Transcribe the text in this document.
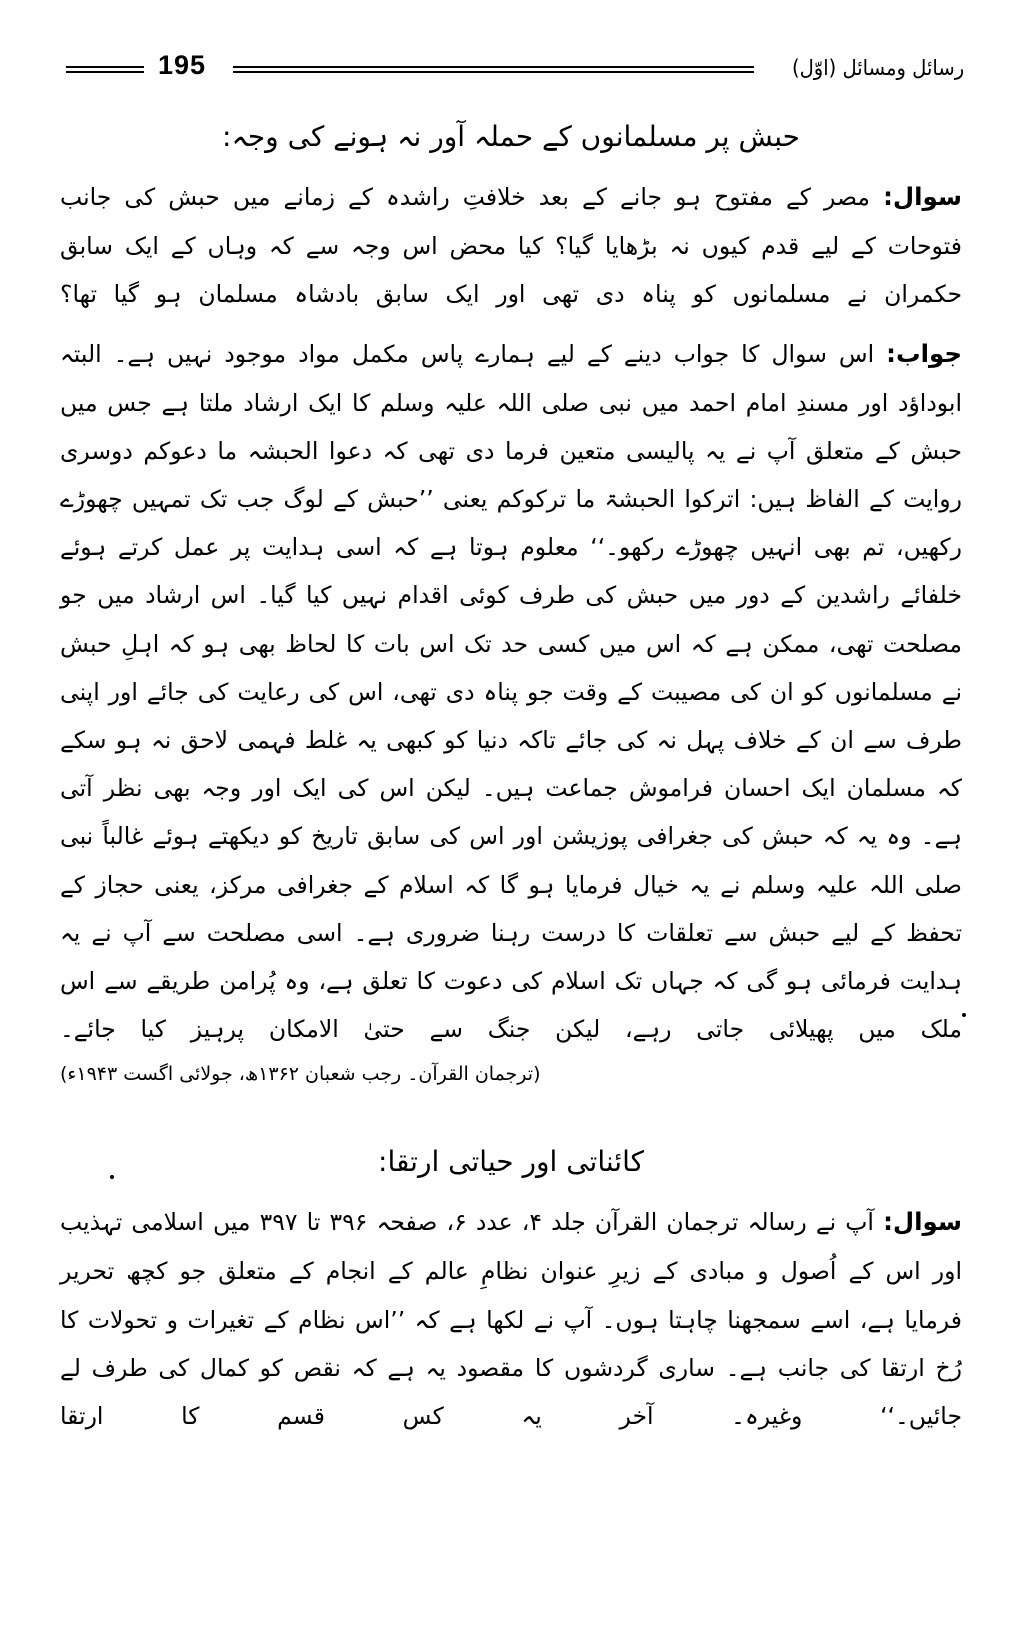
رسائل ومسائل (اوّل)
195
حبش پر مسلمانوں کے حملہ آور نہ ہونے کی وجہ:

سوال: مصر کے مفتوح ہو جانے کے بعد خلافتِ راشدہ کے زمانے میں حبش کی جانب فتوحات کے لیے قدم کیوں نہ بڑھایا گیا؟ کیا محض اس وجہ سے کہ وہاں کے ایک سابق حکمران نے مسلمانوں کو پناہ دی تھی اور ایک سابق بادشاہ مسلمان ہو گیا تھا؟

جواب: اس سوال کا جواب دینے کے لیے ہمارے پاس مکمل مواد موجود نہیں ہے۔ البتہ ابوداؤد اور مسندِ امام احمد میں نبی صلی اللہ علیہ وسلم کا ایک ارشاد ملتا ہے جس میں حبش کے متعلق آپ نے یہ پالیسی متعین فرما دی تھی کہ دعوا الحبشہ ما دعوکم دوسری روایت کے الفاظ ہیں: اترکوا الحبشۃ ما ترکوکم یعنی ’’حبش کے لوگ جب تک تمہیں چھوڑے رکھیں، تم بھی انہیں چھوڑے رکھو۔‘‘ معلوم ہوتا ہے کہ اسی ہدایت پر عمل کرتے ہوئے خلفائے راشدین کے دور میں حبش کی طرف کوئی اقدام نہیں کیا گیا۔ اس ارشاد میں جو مصلحت تھی، ممکن ہے کہ اس میں کسی حد تک اس بات کا لحاظ بھی ہو کہ اہلِ حبش نے مسلمانوں کو ان کی مصیبت کے وقت جو پناہ دی تھی، اس کی رعایت کی جائے اور اپنی طرف سے ان کے خلاف پہل نہ کی جائے تاکہ دنیا کو کبھی یہ غلط فہمی لاحق نہ ہو سکے کہ مسلمان ایک احسان فراموش جماعت ہیں۔ لیکن اس کی ایک اور وجہ بھی نظر آتی ہے۔ وہ یہ کہ حبش کی جغرافی پوزیشن اور اس کی سابق تاریخ کو دیکھتے ہوئے غالباً نبی صلی اللہ علیہ وسلم نے یہ خیال فرمایا ہو گا کہ اسلام کے جغرافی مرکز، یعنی حجاز کے تحفظ کے لیے حبش سے تعلقات کا درست رہنا ضروری ہے۔ اسی مصلحت سے آپ نے یہ ہدایت فرمائی ہو گی کہ جہاں تک اسلام کی دعوت کا تعلق ہے، وہ پُرامن طریقے سے اس ملک میں پھیلائی جاتی رہے، لیکن جنگ سے حتیٰ الامکان پرہیز کیا جائے۔

(ترجمان القرآن۔ رجب شعبان ۱۳۶۲ھ، جولائی اگست ۱۹۴۳ء)
کائناتی اور حیاتی ارتقا:

سوال: آپ نے رسالہ ترجمان القرآن جلد ۴، عدد ۶، صفحہ ۳۹۶ تا ۳۹۷ میں اسلامی تہذیب اور اس کے اُصول و مبادی کے زیرِ عنوان نظامِ عالم کے انجام کے متعلق جو کچھ تحریر فرمایا ہے، اسے سمجھنا چاہتا ہوں۔ آپ نے لکھا ہے کہ ’’اس نظام کے تغیرات و تحولات کا رُخ ارتقا کی جانب ہے۔ ساری گردشوں کا مقصود یہ ہے کہ نقص کو کمال کی طرف لے جائیں۔‘‘ وغیرہ۔ آخر یہ کس قسم کا ارتقا
